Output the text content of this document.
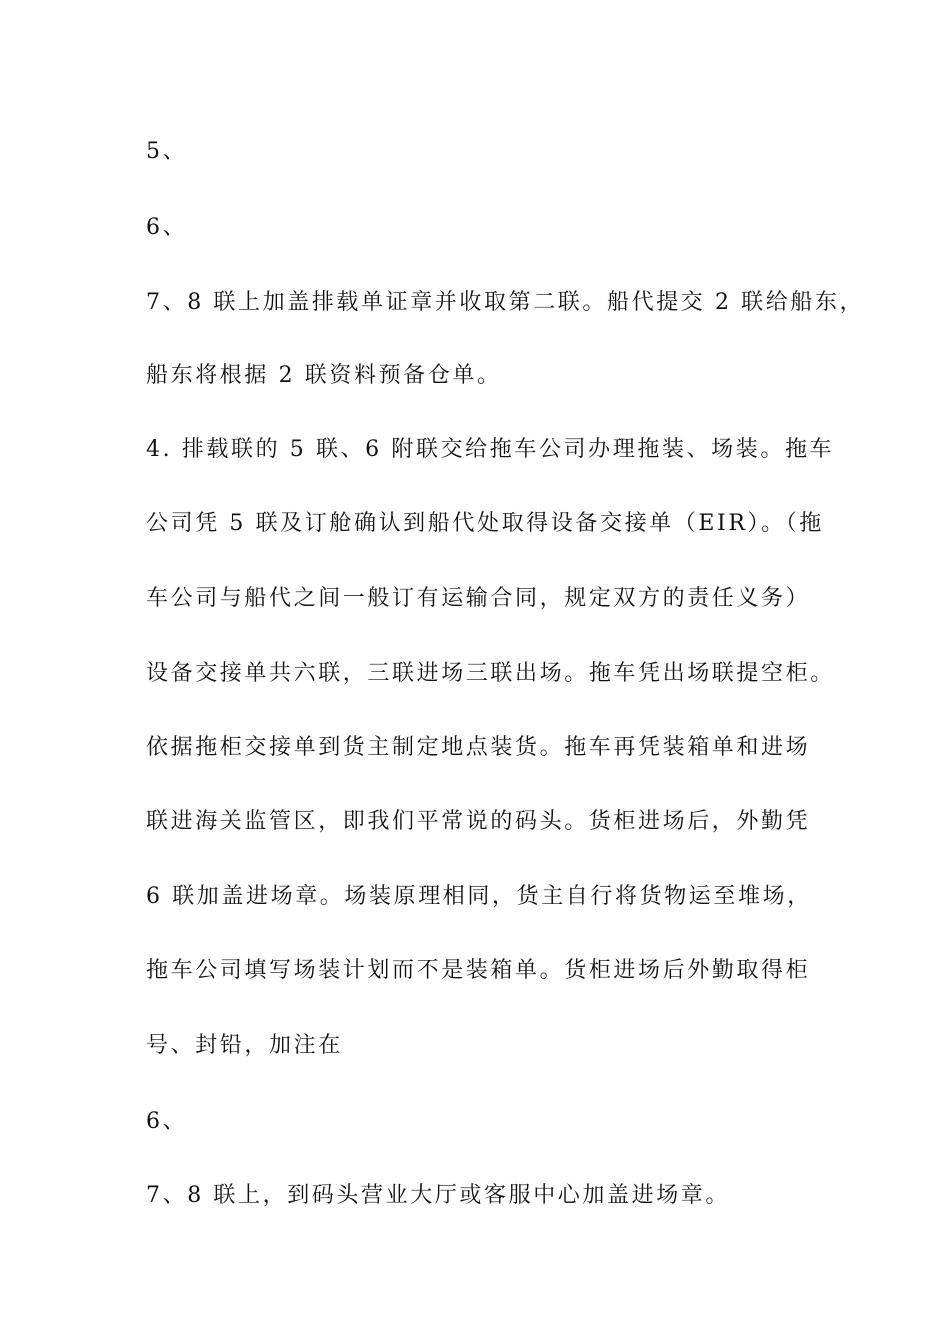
5、
6、
7、8 联上加盖排载单证章并收取第二联。船代提交 2 联给船东，
船东将根据 2 联资料预备仓单。
4. 排载联的 5 联、6 附联交给拖车公司办理拖装、场装。拖车
公司凭 5 联及订舱确认到船代处取得设备交接单（EIR）。（拖
车公司与船代之间一般订有运输合同，规定双方的责任义务）
设备交接单共六联，三联进场三联出场。拖车凭出场联提空柜。
依据拖柜交接单到货主制定地点装货。拖车再凭装箱单和进场
联进海关监管区，即我们平常说的码头。货柜进场后，外勤凭
6 联加盖进场章。场装原理相同，货主自行将货物运至堆场，
拖车公司填写场装计划而不是装箱单。货柜进场后外勤取得柜
号、封铅，加注在
6、
7、8 联上，到码头营业大厅或客服中心加盖进场章。
